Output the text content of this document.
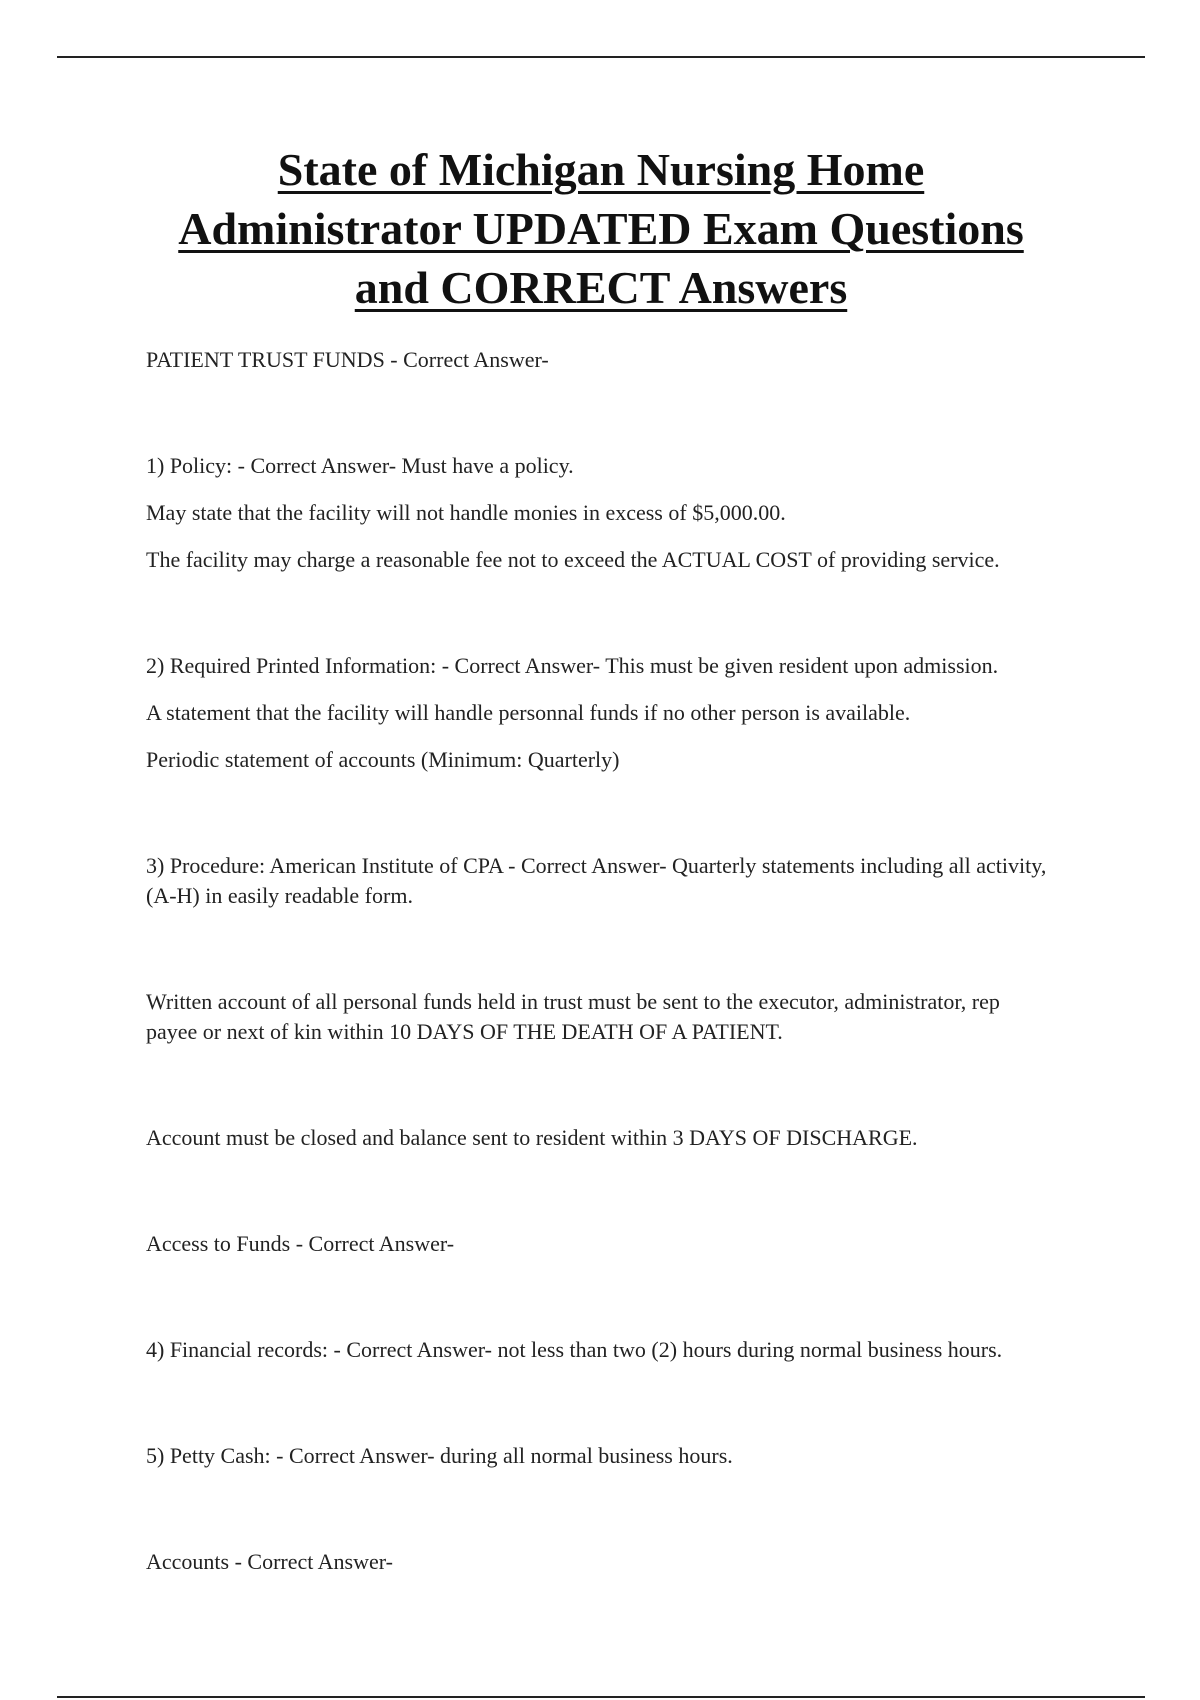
State of Michigan Nursing Home
Administrator UPDATED Exam Questions
and CORRECT Answers

PATIENT TRUST FUNDS - Correct Answer-

1) Policy: - Correct Answer- Must have a policy.

May state that the facility will not handle monies in excess of $5,000.00.

The facility may charge a reasonable fee not to exceed the ACTUAL COST of providing service.

2) Required Printed Information: - Correct Answer- This must be given resident upon admission.

A statement that the facility will handle personnal funds if no other person is available.

Periodic statement of accounts (Minimum: Quarterly)

3) Procedure: American Institute of CPA - Correct Answer- Quarterly statements including all activity, (A-H) in easily readable form.

Written account of all personal funds held in trust must be sent to the executor, administrator, rep payee or next of kin within 10 DAYS OF THE DEATH OF A PATIENT.

Account must be closed and balance sent to resident within 3 DAYS OF DISCHARGE.

Access to Funds - Correct Answer-

4) Financial records: - Correct Answer- not less than two (2) hours during normal business hours.

5) Petty Cash: - Correct Answer- during all normal business hours.

Accounts - Correct Answer-
